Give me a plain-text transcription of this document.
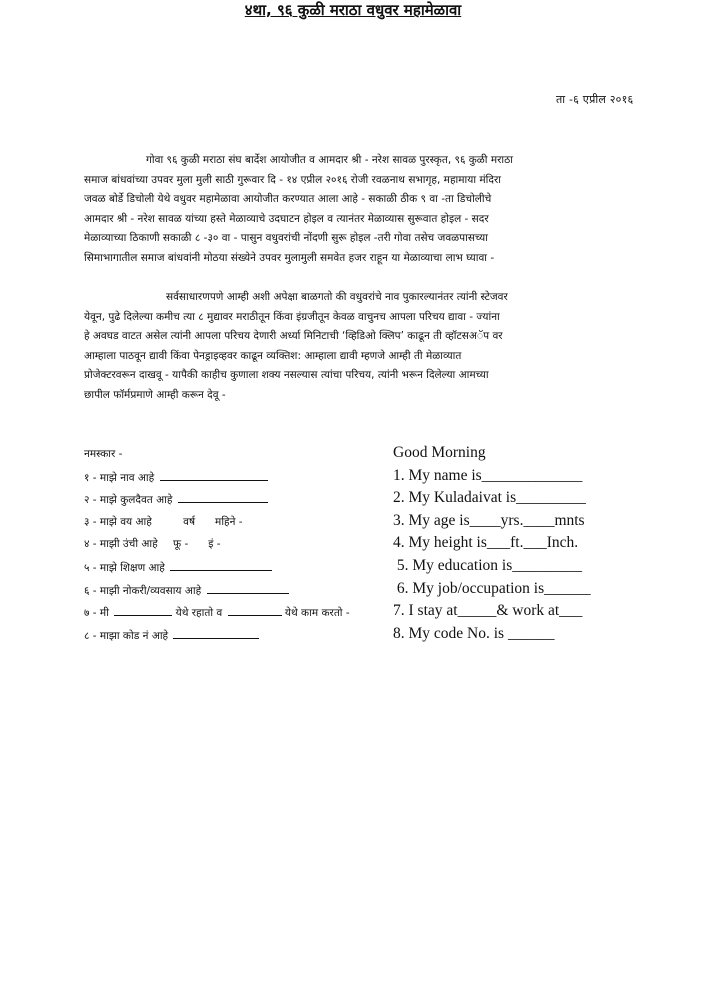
ता -६ एप्रील २०१६
४था, ९६ कुळी मराठा वधुवर महामेळावा
गोवा ९६ कुळी मराठा संघ बार्देश आयोजीत व आमदार श्री - नरेश सावळ पुरस्कृत, ९६ कुळी मराठा
समाज बांधवांच्या उपवर मुला मुली साठी गुरूवार दि - १४ एप्रील २०१६ रोजी रवळनाथ सभागृह, महामाया मंदिरा
जवळ बोर्डे डिचोली येथे वधुवर महामेळावा आयोजीत करण्यात आला आहे - सकाळी ठीक ९ वा -ता डिचोलीचे
आमदार श्री - नरेश सावळ यांच्या हस्ते मेळाव्याचे उदघाटन होइल व त्यानंतर मेळाव्यास सुरूवात होइल - सदर
मेळाव्याच्या ठिकाणी सकाळी ८ -३० वा - पासुन वधुवरांची नोंदणी सुरू होइल -तरी गोवा तसेच जवळपासच्या
सिमाभागातील समाज बांधवांनी मोठया संख्येने उपवर मुलामुली समवेत हजर राहून या मेळाव्याचा लाभ घ्यावा -
सर्वसाधारणपणे आम्ही अशी अपेक्षा बाळगतो की वधुवरांचे नाव पुकारल्यानंतर त्यांनी स्टेजवर
येवून, पुढे दिलेल्या कमीच त्या ८ मुद्यावर मराठीतून किंवा इंग्रजीतून केवळ वाचुनच आपला परिचय द्यावा - ज्यांना
हे अवघड वाटत असेल त्यांनी आपला परिचय देणारी अर्ध्या मिनिटाची ‘व्हिडिओ क्लिप’ काढून ती व्हॉटसअॅप वर
आम्हाला पाठवून द्यावी किंवा पेनड्राइव्हवर काढून व्यक्तिश: आम्हाला द्यावी म्हणजे आम्ही ती मेळाव्यात
प्रोजेक्टरवरून दाखवू - यापैकी काहीच कुणाला शक्य नसल्यास त्यांचा परिचय, त्यांनी भरून दिलेल्या आमच्या
छापील फॉर्मप्रमाणे आम्ही करून देवू -
नमस्कार -
१ - माझे नाव आहे
२ - माझे कुलदैवत आहे
३ - माझे वय आहे	वर्ष      महिने -
४ - माझी उंची आहे फू -      इं -
५ - माझे शिक्षण आहे
६ - माझी नोकरी/व्यवसाय आहे
७ - मी	येथे रहातो व	येथे काम करतो -
८ - माझा कोड नं आहे
Good Morning
1. My name is_____________
2. My Kuladaivat is_________
3. My age is____yrs.____mnts
4. My height is___ft.___Inch.
5. My education is_________
6. My job/occupation is______
7. I stay at_____& work at___
8. My code No. is ______
